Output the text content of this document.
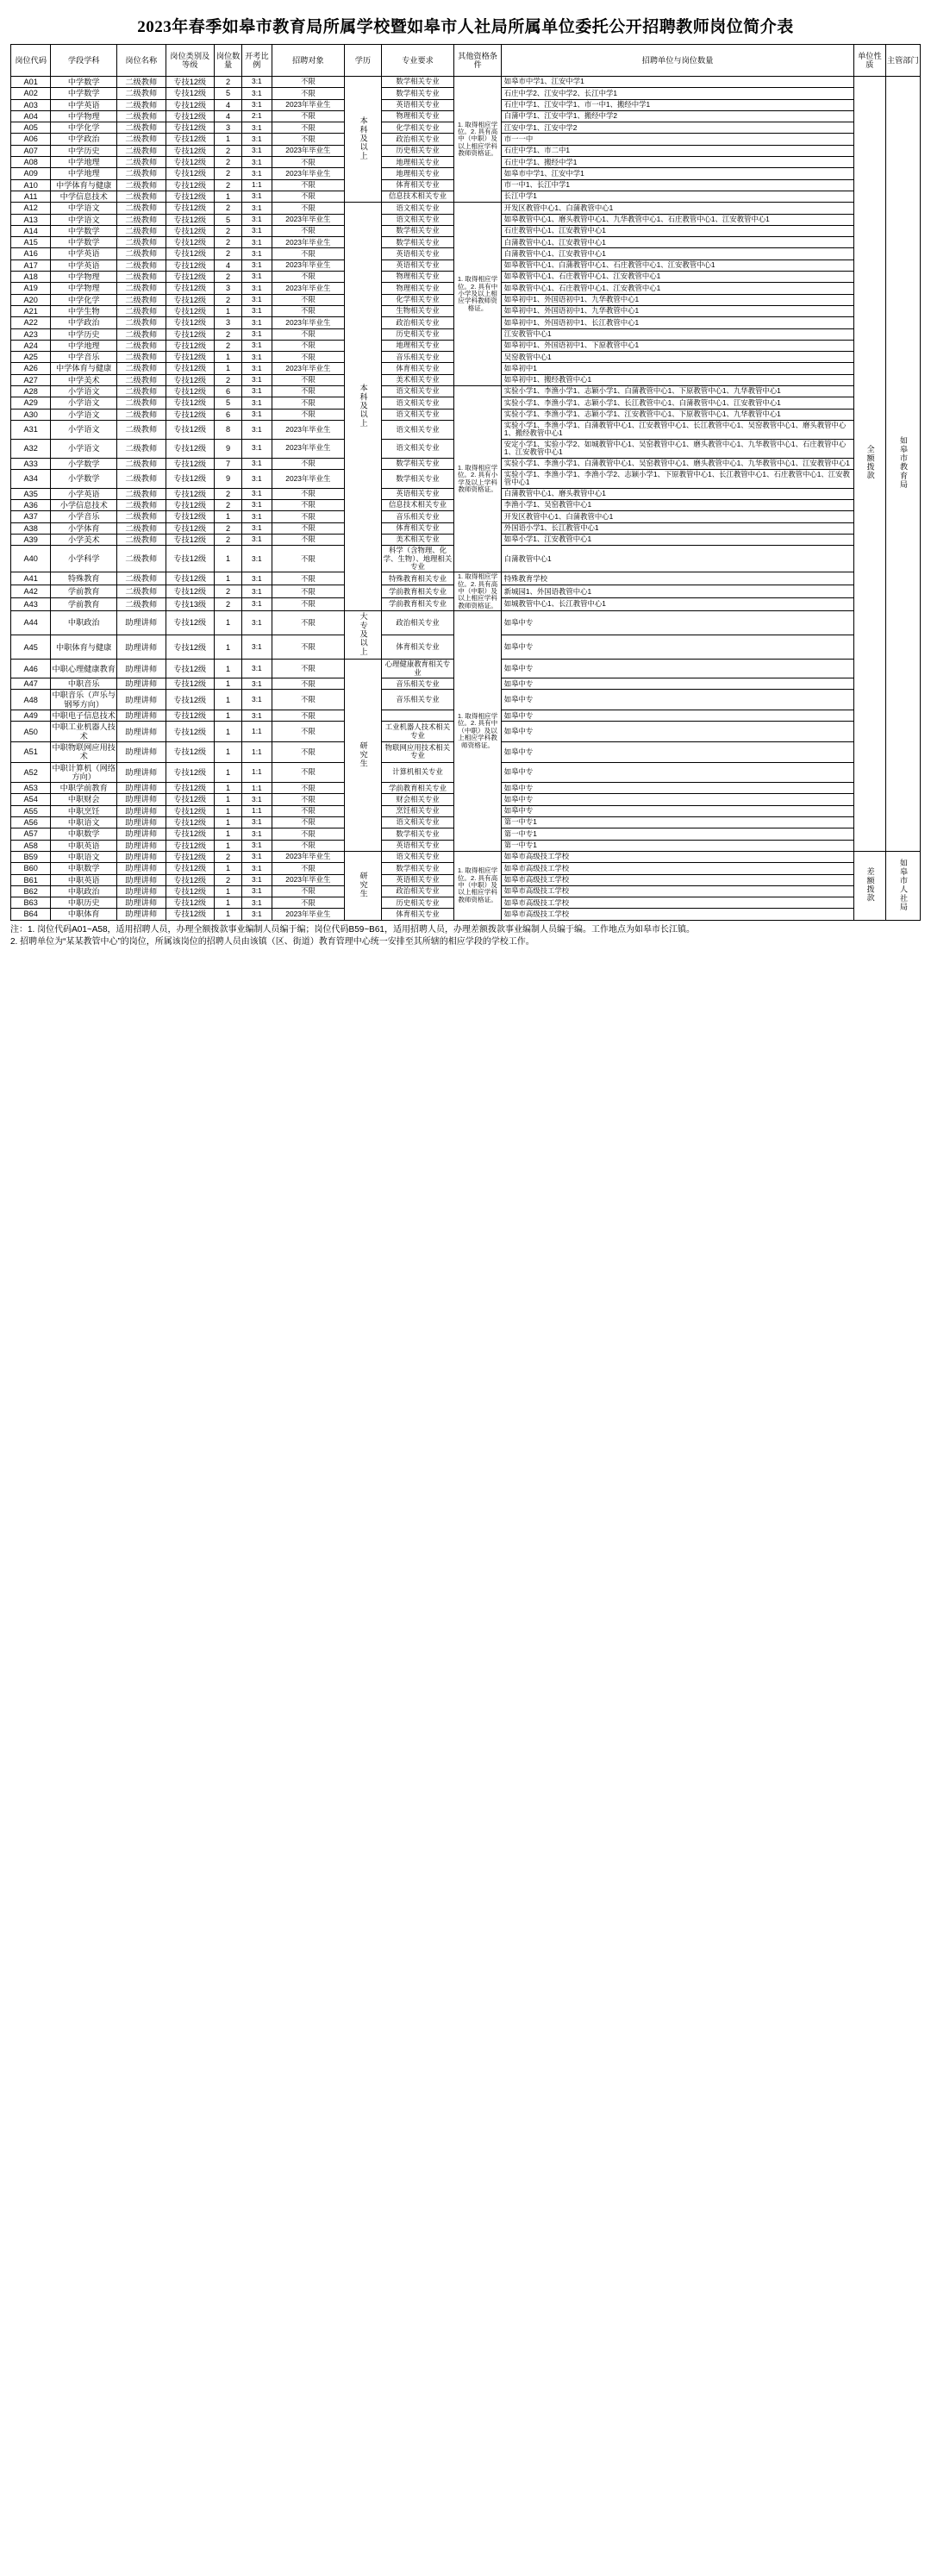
2023年春季如皋市教育局所属学校暨如皋市人社局所属单位委托公开招聘教师岗位简介表
岗位代码	学段学科	岗位名称	岗位类别及等级	岗位数量	开考比例	招聘对象	学历	专业要求	其他资格条件	招聘单位与岗位数量	单位性质	主管部门
A01	中学数学	二级教师	专技12级	2	3:1	不限	本科及以上	数学相关专业	1. 取得相应学位。2. 具有高中（中职）及以上相应学科教师资格证。	如皋市中学1、江安中学1	全额拨款	如皋市教育局
A02	中学数学	二级教师	专技12级	5	3:1	不限		数学相关专业		石庄中学2、江安中学2、长江中学1		
A03	中学英语	二级教师	专技12级	4	3:1	2023年毕业生		英语相关专业		石庄中学1、江安中学1、市一中1、搬经中学1		
A04	中学物理	二级教师	专技12级	4	2:1	不限		物理相关专业		白蒲中学1、江安中学1、搬经中学2		
A05	中学化学	二级教师	专技12级	3	3:1	不限		化学相关专业		江安中学1、江安中学2		
A06	中学政治	二级教师	专技12级	1	3:1	不限		政治相关专业		市一一中		
A07	中学历史	二级教师	专技12级	2	3:1	2023年毕业生		历史相关专业		石庄中学1、市二中1		
A08	中学地理	二级教师	专技12级	2	3:1	不限		地理相关专业		石庄中学1、搬经中学1		
A09	中学地理	二级教师	专技12级	2	3:1	2023年毕业生		地理相关专业		如皋市中学1、江安中学1		
A10	中学体育与健康	二级教师	专技12级	2	1:1	不限		体育相关专业		市一中1、长江中学1		
A11	中学信息技术	二级教师	专技12级	1	3:1	不限		信息技术相关专业		长江中学1		
A12	中学语文	二级教师	专技12级	2	3:1	不限	本科及以上	语文相关专业	1. 取得相应学位。2. 具有中小学及以上相应学科教师资格证。	开发区教管中心1、白蒲教管中心1		
A13	中学语文	二级教师	专技12级	5	3:1	2023年毕业生		语文相关专业		如皋教管中心1、磨头教管中心1、九华教管中心1、石庄教管中心1、江安教管中心1		
A14	中学数学	二级教师	专技12级	2	3:1	不限		数学相关专业		石庄教管中心1、江安教管中心1		
A15	中学数学	二级教师	专技12级	2	3:1	2023年毕业生		数学相关专业		白蒲教管中心1、江安教管中心1		
A16	中学英语	二级教师	专技12级	2	3:1	不限		英语相关专业		白蒲教管中心1、江安教管中心1		
A17	中学英语	二级教师	专技12级	4	3:1	2023年毕业生		英语相关专业		如皋教管中心1、白蒲教管中心1、石庄教管中心1、江安教管中心1		
A18	中学物理	二级教师	专技12级	2	3:1	不限		物理相关专业		如皋教管中心1、石庄教管中心1、江安教管中心1		
A19	中学物理	二级教师	专技12级	3	3:1	2023年毕业生		物理相关专业		如皋教管中心1、石庄教管中心1、江安教管中心1		
A20	中学化学	二级教师	专技12级	2	3:1	不限		化学相关专业		如皋初中1、外国语初中1、九华教管中心1		
A21	中学生物	二级教师	专技12级	1	3:1	不限		生物相关专业		如皋初中1、外国语初中1、九华教管中心1		
A22	中学政治	二级教师	专技12级	3	3:1	2023年毕业生		政治相关专业		如皋初中1、外国语初中1、长江教管中心1		
A23	中学历史	二级教师	专技12级	2	3:1	不限		历史相关专业		江安教管中心1		
A24	中学地理	二级教师	专技12级	2	3:1	不限		地理相关专业		如皋初中1、外国语初中1、下原教管中心1		
A25	中学音乐	二级教师	专技12级	1	3:1	不限		音乐相关专业		吴窑教管中心1		
A26	中学体育与健康	二级教师	专技12级	1	3:1	2023年毕业生		体育相关专业		如皋初中1		
A27	中学美术	二级教师	专技12级	2	3:1	不限		美术相关专业		如皋初中1、搬经教管中心1		
A28	小学语文	二级教师	专技12级	6	3:1	不限		语文相关专业	1. 取得相应学位。2. 具有小学及以上学科教师资格证。	实验小学1、李渔小学1、志颖小学1、白蒲教管中心1、下原教管中心1、九华教管中心1		
A29	小学语文	二级教师	专技12级	5	3:1	不限		语文相关专业		实验小学1、李渔小学1、志颖小学1、长江教管中心1、白蒲教管中心1、江安教管中心1		
A30	小学语文	二级教师	专技12级	6	3:1	不限		语文相关专业		实验小学1、李渔小学1、志颖小学1、江安教管中心1、下原教管中心1、九华教管中心1		
A31	小学语文	二级教师	专技12级	8	3:1	2023年毕业生		语文相关专业		实验小学1、李渔小学1、白蒲教管中心1、江安教管中心1、长江教管中心1、吴窑教管中心1、磨头教管中心1、搬经教管中心1		
A32	小学语文	二级教师	专技12级	9	3:1	2023年毕业生		语文相关专业		安定小学1、实验小学2、如城教管中心1、吴窑教管中心1、磨头教管中心1、九华教管中心1、石庄教管中心1、江安教管中心1		
A33	小学数学	二级教师	专技12级	7	3:1	不限		数学相关专业		实验小学1、李渔小学1、白蒲教管中心1、吴窑教管中心1、磨头教管中心1、九华教管中心1、江安教管中心1		
A34	小学数学	二级教师	专技12级	9	3:1	2023年毕业生		数学相关专业		实验小学1、李渔小学1、李渔小学2、志颖小学1、下原教管中心1、长江教管中心1、石庄教管中心1、江安教管中心1		
A35	小学英语	二级教师	专技12级	2	3:1	不限		英语相关专业		白蒲教管中心1、磨头教管中心1		
A36	小学信息技术	二级教师	专技12级	2	3:1	不限		信息技术相关专业		李渔小学1、吴窑教管中心1		
A37	小学音乐	二级教师	专技12级	1	3:1	不限		音乐相关专业		开发区教管中心1、白蒲教管中心1		
A38	小学体育	二级教师	专技12级	2	3:1	不限		体育相关专业		外国语小学1、长江教管中心1		
A39	小学美术	二级教师	专技12级	2	3:1	不限		美术相关专业		如皋小学1、江安教管中心1		
A40	小学科学	二级教师	专技12级	1	3:1	不限		科学（含物理、化学、生物）、地理相关专业		白蒲教管中心1		
A41	特殊教育	二级教师	专技12级	1	3:1	不限		特殊教育相关专业	1. 取得相应学位。2. 具有高中（中职）及以上相应学科教师资格证。	特殊教育学校		
A42	学前教育	二级教师	专技12级	2	3:1	不限		学前教育相关专业		新城园1、外国语教管中心1		
A43	学前教育	二级教师	专技13级	2	3:1	不限		学前教育相关专业		如城教管中心1、长江教管中心1		
A44	中职政治	助理讲师	专技12级	1	3:1	不限	大专及以上	政治相关专业	1. 取得相应学位。2. 具有中（中职）及以上相应学科教师资格证。	如皋中专		
A45	中职体育与健康	助理讲师	专技12级	1	3:1	不限		体育相关专业		如皋中专		
A46	中职心理健康教育	助理讲师	专技12级	1	3:1	不限	研究生	心理健康教育相关专业		如皋中专		
A47	中职音乐	助理讲师	专技12级	1	3:1	不限		音乐相关专业		如皋中专		
A48	中职音乐（声乐与钢琴方向）	助理讲师	专技12级	1	3:1	不限		音乐相关专业		如皋中专		
A49	中职电子信息技术	助理讲师	专技12级	1	3:1	不限				如皋中专		
A50	中职工业机器人技术	助理讲师	专技12级	1	1:1	不限		工业机器人技术相关专业		如皋中专		
A51	中职物联网应用技术	助理讲师	专技12级	1	1:1	不限		物联网应用技术相关专业		如皋中专		
A52	中职计算机（网络方向）	助理讲师	专技12级	1	1:1	不限		计算机相关专业		如皋中专		
A53	中职学前教育	助理讲师	专技12级	1	1:1	不限		学前教育相关专业		如皋中专		
A54	中职财会	助理讲师	专技12级	1	3:1	不限		财会相关专业		如皋中专		
A55	中职烹饪	助理讲师	专技12级	1	1:1	不限		烹饪相关专业		如皋中专		
A56	中职语文	助理讲师	专技12级	1	3:1	不限		语文相关专业		第一中专1		
A57	中职数学	助理讲师	专技12级	1	3:1	不限		数学相关专业		第一中专1		
A58	中职英语	助理讲师	专技12级	1	3:1	不限		英语相关专业		第一中专1		
B59	中职语文	助理讲师	专技12级	2	3:1	2023年毕业生	研究生	语文相关专业	1. 取得相应学位。2. 具有高中（中职）及以上相应学科教师资格证。	如皋市高级技工学校	差额拨款	如皋市人社局
B60	中职数学	助理讲师	专技12级	1	3:1	不限		数学相关专业		如皋市高级技工学校		
B61	中职英语	助理讲师	专技12级	2	3:1	2023年毕业生		英语相关专业		如皋市高级技工学校		
B62	中职政治	助理讲师	专技12级	1	3:1	不限		政治相关专业		如皋市高级技工学校		
B63	中职历史	助理讲师	专技12级	1	3:1	不限		历史相关专业		如皋市高级技工学校		
B64	中职体育	助理讲师	专技12级	1	3:1	2023年毕业生		体育相关专业		如皋市高级技工学校		
注：1. 岗位代码A01~A58，适用招聘人员，办理全额拨款事业编制人员编于编；岗位代码B59~B61，适用招聘人员，办理差额拨款事业编制人员编于编。工作地点为如皋市长江镇。
2. 招聘单位为“某某教管中心”的岗位，所属该岗位的招聘人员由该镇（区、街道）教育管理中心统一安排至其所辖的相应学段的学校工作。
